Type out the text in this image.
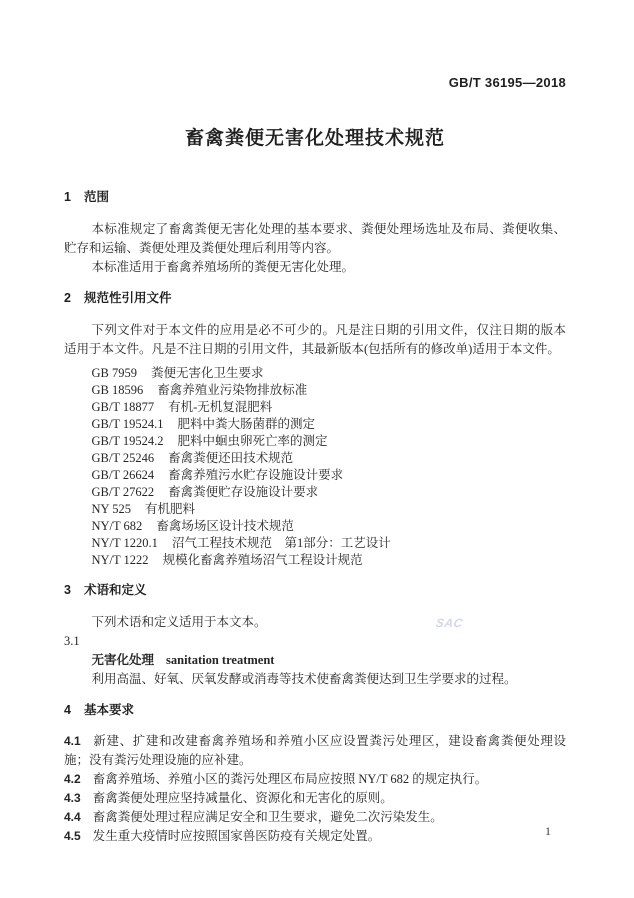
GB/T 36195—2018
畜禽粪便无害化处理技术规范
1 范围

本标准规定了畜禽粪便无害化处理的基本要求、粪便处理场选址及布局、粪便收集、贮存和运输、粪便处理及粪便处理后利用等内容。

本标准适用于畜禽养殖场所的粪便无害化处理。

2 规范性引用文件

下列文件对于本文件的应用是必不可少的。凡是注日期的引用文件，仅注日期的版本适用于本文件。凡是不注日期的引用文件，其最新版本(包括所有的修改单)适用于本文件。

GB 7959 粪便无害化卫生要求
GB 18596 畜禽养殖业污染物排放标准
GB/T 18877 有机-无机复混肥料
GB/T 19524.1 肥料中粪大肠菌群的测定
GB/T 19524.2 肥料中蛔虫卵死亡率的测定
GB/T 25246 畜禽粪便还田技术规范
GB/T 26624 畜禽养殖污水贮存设施设计要求
GB/T 27622 畜禽粪便贮存设施设计要求
NY 525 有机肥料
NY/T 682 畜禽场场区设计技术规范
NY/T 1220.1 沼气工程技术规范　第1部分：工艺设计
NY/T 1222 规模化畜禽养殖场沼气工程设计规范
3 术语和定义

下列术语和定义适用于本文本。

3.1
无害化处理 sanitation treatment

利用高温、好氧、厌氧发酵或消毒等技术使畜禽粪便达到卫生学要求的过程。

4 基本要求

4.1 新建、扩建和改建畜禽养殖场和养殖小区应设置粪污处理区，建设畜禽粪便处理设施；没有粪污处理设施的应补建。

4.2 畜禽养殖场、养殖小区的粪污处理区布局应按照 NY/T 682 的规定执行。

4.3 畜禽粪便处理应坚持减量化、资源化和无害化的原则。

4.4 畜禽粪便处理过程应满足安全和卫生要求，避免二次污染发生。

4.5 发生重大疫情时应按照国家兽医防疫有关规定处置。

SAC
1
